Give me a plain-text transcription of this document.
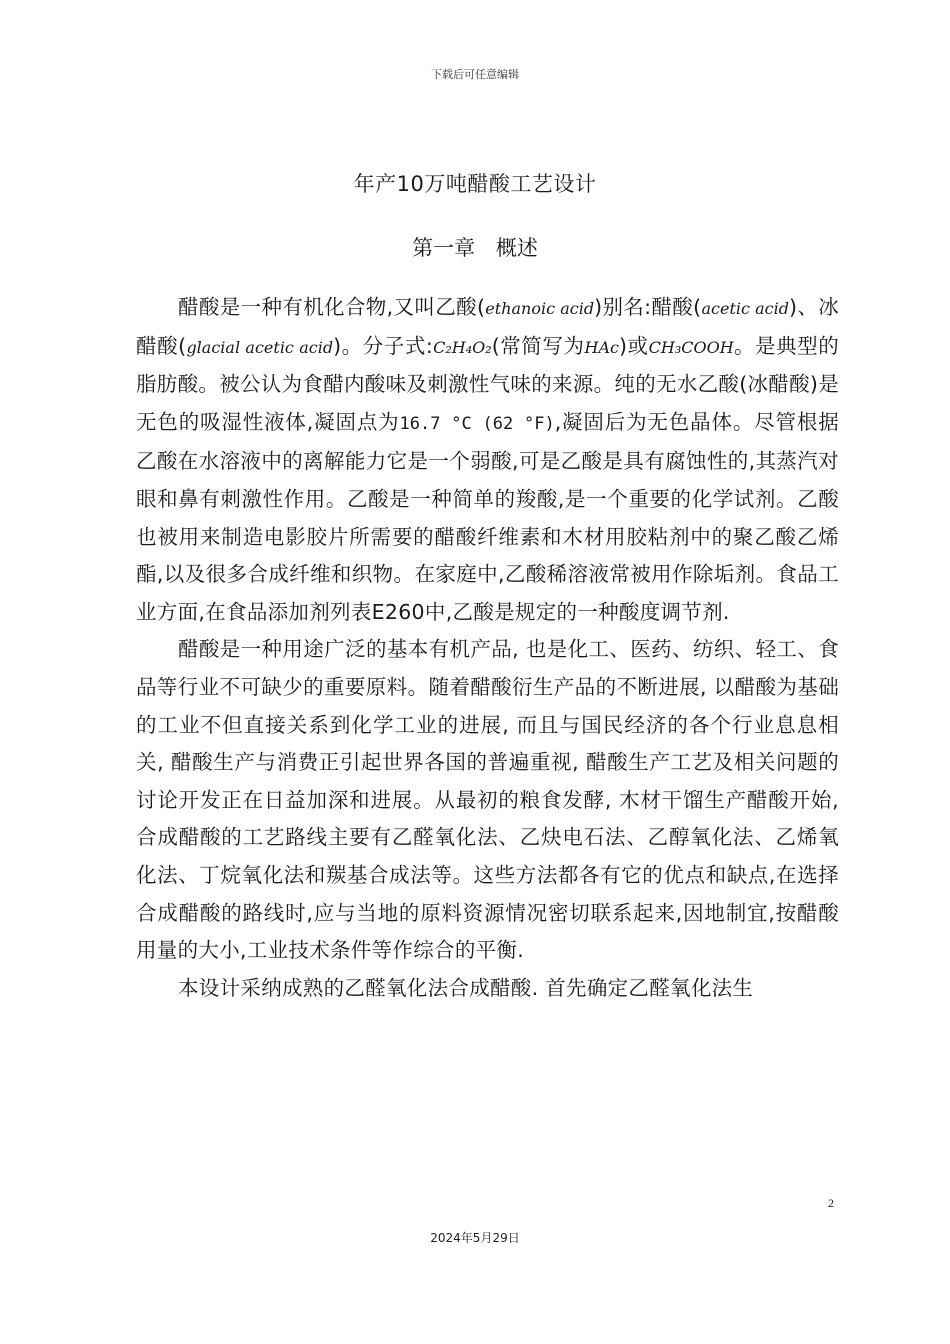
下载后可任意编辑
年产10万吨醋酸工艺设计
第一章 概述

醋酸是一种有机化合物,又叫乙酸(ethanoic acid)别名:醋酸(acetic acid)、冰醋酸(glacial acetic acid)。分子式:C₂H₄O₂(常简写为HAc)或CH₃COOH。是典型的脂肪酸。被公认为食醋内酸味及刺激性气味的来源。纯的无水乙酸(冰醋酸)是无色的吸湿性液体,凝固点为16.7 °C (62 °F),凝固后为无色晶体。尽管根据乙酸在水溶液中的离解能力它是一个弱酸,可是乙酸是具有腐蚀性的,其蒸汽对眼和鼻有刺激性作用。乙酸是一种简单的羧酸,是一个重要的化学试剂。乙酸也被用来制造电影胶片所需要的醋酸纤维素和木材用胶粘剂中的聚乙酸乙烯酯,以及很多合成纤维和织物。在家庭中,乙酸稀溶液常被用作除垢剂。食品工业方面,在食品添加剂列表E260中,乙酸是规定的一种酸度调节剂.

醋酸是一种用途广泛的基本有机产品, 也是化工、医药、纺织、轻工、食品等行业不可缺少的重要原料。随着醋酸衍生产品的不断进展, 以醋酸为基础的工业不但直接关系到化学工业的进展, 而且与国民经济的各个行业息息相关, 醋酸生产与消费正引起世界各国的普遍重视, 醋酸生产工艺及相关问题的讨论开发正在日益加深和进展。从最初的粮食发酵, 木材干馏生产醋酸开始, 合成醋酸的工艺路线主要有乙醛氧化法、乙炔电石法、乙醇氧化法、乙烯氧化法、丁烷氧化法和羰基合成法等。这些方法都各有它的优点和缺点,在选择合成醋酸的路线时,应与当地的原料资源情况密切联系起来,因地制宜,按醋酸用量的大小,工业技术条件等作综合的平衡.

本设计采纳成熟的乙醛氧化法合成醋酸. 首先确定乙醛氧化法生

2
2024年5月29日
